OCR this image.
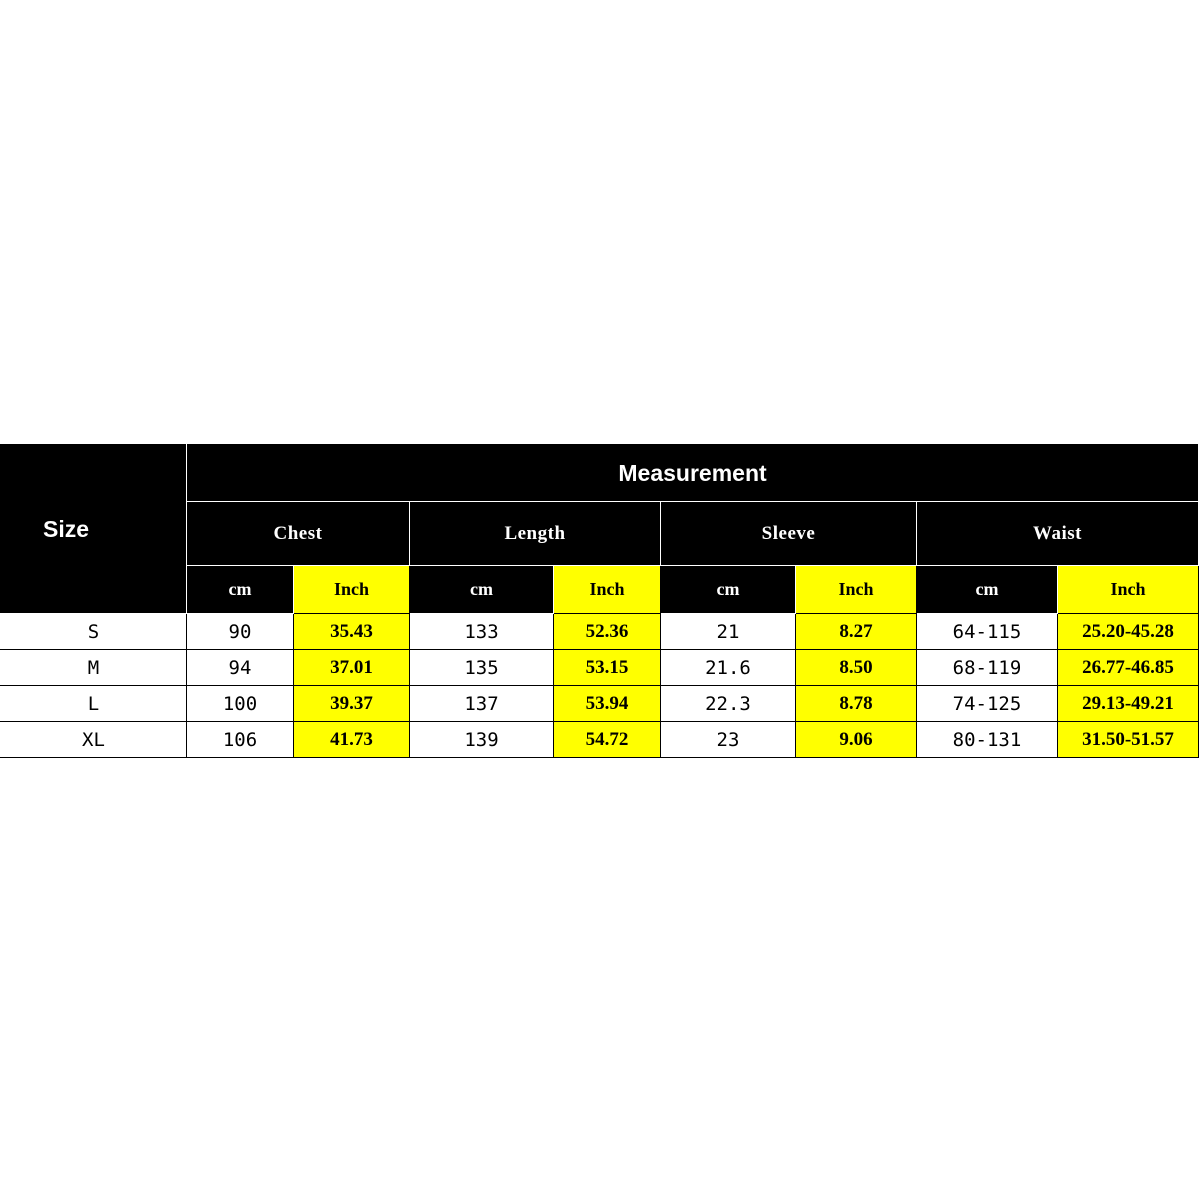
Size	Measurement							
	Chest		Length		Sleeve		Waist	
	cm	Inch	cm	Inch	cm	Inch	cm	Inch
S	90	35.43	133	52.36	21	8.27	64-115	25.20-45.28
M	94	37.01	135	53.15	21.6	8.50	68-119	26.77-46.85
L	100	39.37	137	53.94	22.3	8.78	74-125	29.13-49.21
XL	106	41.73	139	54.72	23	9.06	80-131	31.50-51.57
